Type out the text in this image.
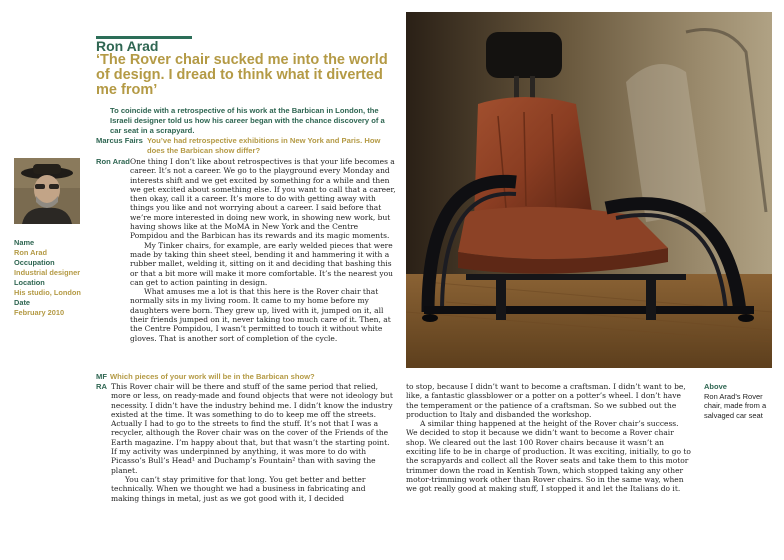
Ron Arad
‘The Rover chair sucked me into the world of design. I dread to think what it diverted me from’
To coincide with a retrospective of his work at the Barbican in London, the Israeli designer told us how his career began with the chance discovery of a car seat in a scrapyard.
Name
Ron Arad
Occupation
Industrial designer
Location
His studio, London
Date
February 2010
Marcus Fairs You’ve had retrospective exhibitions in New York and Paris. How does the Barbican show differ?
Ron Arad One thing I don’t like about retrospectives is that your life becomes a career. It’s not a career. We go to the playground every Monday and interests shift and we get excited by something for a while and then we get excited about something else. If you want to call that a career, then okay, call it a career. It’s more to do with getting away with things you like and not worrying about a career. I said before that we’re more interested in doing new work, in showing new work, but having shows like at the MoMA in New York and the Centre Pompidou and the Barbican has its rewards and its magic moments.

My Tinker chairs, for example, are early welded pieces that were made by taking thin sheet steel, bending it and hammering it with a rubber mallet, welding it, sitting on it and deciding that bashing this or that a bit more will make it more comfortable. It’s the nearest you can get to action painting in design.

What amuses me a lot is that this here is the Rover chair that normally sits in my living room. It came to my home before my daughters were born. They grew up, lived with it, jumped on it, all their friends jumped on it, never taking too much care of it. Then, at the Centre Pompidou, I wasn’t permitted to touch it without white gloves. That is another sort of completion of the cycle.

MF Which pieces of your work will be in the Barbican show?
RA This Rover chair will be there and stuff of the same period that relied, more or less, on ready-made and found objects that were not ideology but necessity. I didn’t have the industry behind me. I didn’t know the industry existed at the time. It was something to do to keep me off the streets. Actually I had to go to the streets to find the stuff. It’s not that I was a recycler, although the Rover chair was on the cover of the Friends of the Earth magazine. I’m happy about that, but that wasn’t the starting point. If my activity was underpinned by anything, it was more to do with Picasso’s Bull’s Head¹ and Duchamp’s Fountain² than with saving the planet.

You can’t stay primitive for that long. You get better and better technically. When we thought we had a business in fabricating and making things in metal, just as we got good with it, I decided

to stop, because I didn’t want to become a craftsman. I didn’t want to be, like, a fantastic glassblower or a potter on a potter’s wheel. I don’t have the temperament or the patience of a craftsman. So we subbed out the production to Italy and disbanded the workshop.

A similar thing happened at the height of the Rover chair’s success. We decided to stop it because we didn’t want to become a Rover chair shop. We cleared out the last 100 Rover chairs because it wasn’t an exciting life to be in charge of production. It was exciting, initially, to go to the scrapyards and collect all the Rover seats and take them to this motor trimmer down the road in Kentish Town, which stopped taking any other motor-trimming work other than Rover chairs. So in the same way, when we got really good at making stuff, I stopped it and let the Italians do it.

Above
Ron Arad’s Rover chair, made from a salvaged car seat
